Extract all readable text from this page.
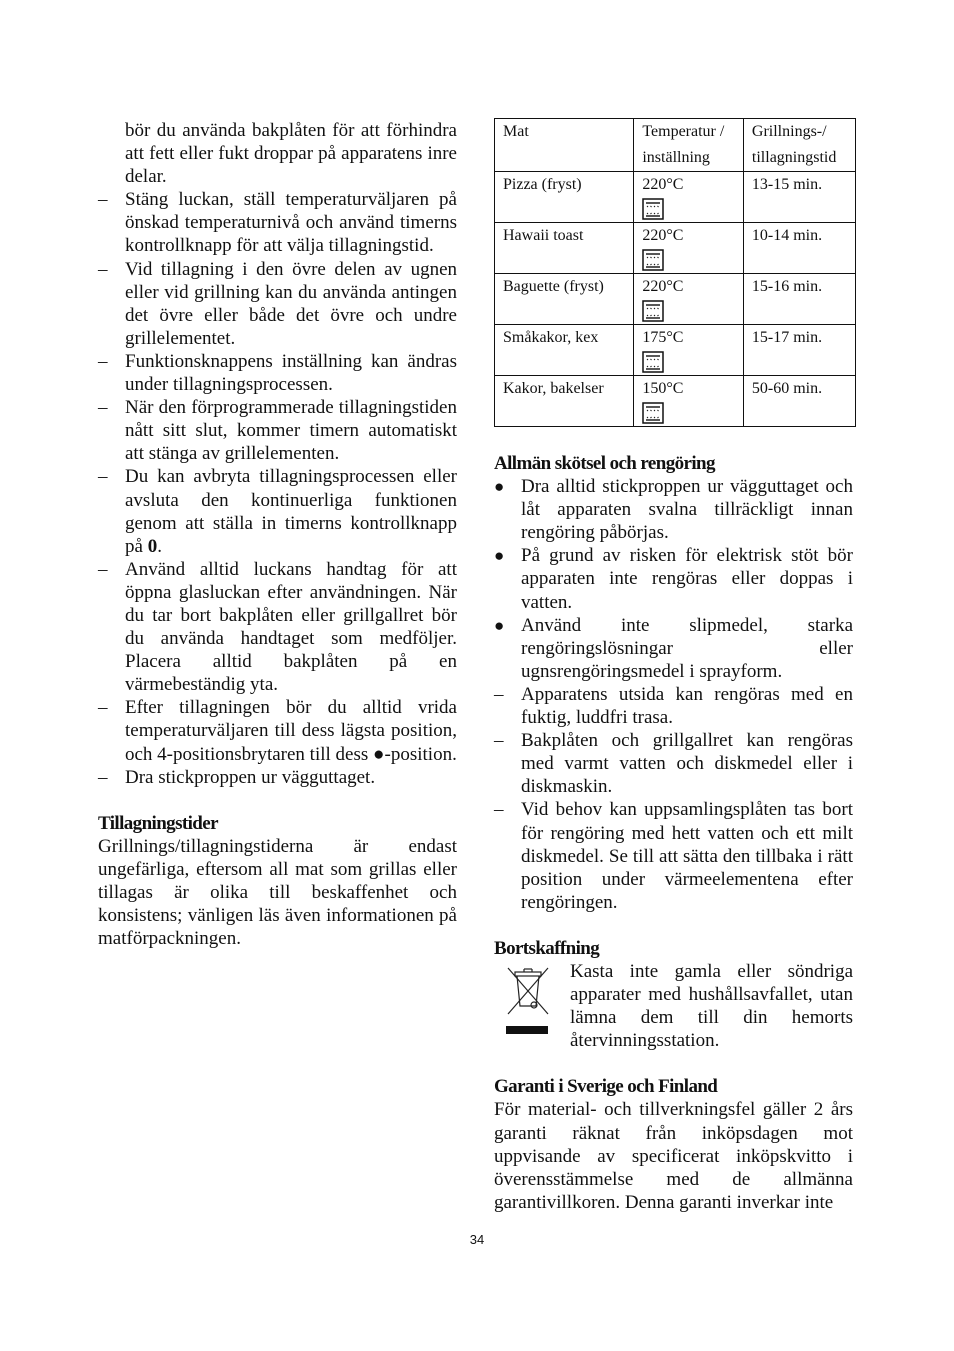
bör du använda bakplåten för att förhindra att fett eller fukt droppar på apparatens inre delar.

– Stäng luckan, ställ temperaturväljaren på önskad temperaturnivå och använd timerns kontrollknapp för att välja tillagningstid.
– Vid tillagning i den övre delen av ugnen eller vid grillning kan du använda antingen det övre eller både det övre och undre grillelementet.
– Funktionsknappens inställning kan ändras under tillagningsprocessen.
– När den förprogrammerade tillagningstiden nått sitt slut, kommer timern automatiskt att stänga av grillelementen.
– Du kan avbryta tillagningsprocessen eller avsluta den kontinuerliga funktionen genom att ställa in timerns kontrollknapp på 0.
– Använd alltid luckans handtag för att öppna glasluckan efter användningen. När du tar bort bakplåten eller grillgallret bör du använda handtaget som medföljer. Placera alltid bakplåten på en värmebeständig yta.
– Efter tillagningen bör du alltid vrida temperaturväljaren till dess lägsta position, och 4-positionsbrytaren till dess ●-position.
– Dra stickproppen ur vägguttaget.
Tillagningstider

Grillnings/tillagningstiderna är endast ungefärliga, eftersom all mat som grillas eller tillagas är olika till beskaffenhet och konsistens; vänligen läs även informationen på matförpackningen.

Mat	Temperatur / inställning	Grillnings-/ tillagningstid
Pizza (fryst)	220°C	13-15 min.
Hawaii toast	220°C	10-14 min.
Baguette (fryst)	220°C	15-16 min.
Småkakor, kex	175°C	15-17 min.
Kakor, bakelser	150°C	50-60 min.
Allmän skötsel och rengöring
● Dra alltid stickproppen ur vägguttaget och låt apparaten svalna tillräckligt innan rengöring påbörjas.
● På grund av risken för elektrisk stöt bör apparaten inte rengöras eller doppas i vatten.
● Använd inte slipmedel, starka rengöringslösningar eller ugnsrengöringsmedel i sprayform.
– Apparatens utsida kan rengöras med en fuktig, luddfri trasa.
– Bakplåten och grillgallret kan rengöras med varmt vatten och diskmedel eller i diskmaskin.
– Vid behov kan uppsamlingsplåten tas bort för rengöring med hett vatten och ett milt diskmedel. Se till att sätta den tillbaka i rätt position under värmeelementena efter rengöringen.
Bortskaffning

Kasta inte gamla eller söndriga apparater med hushållsavfallet, utan lämna dem till din hemorts återvinningsstation.

Garanti i Sverige och Finland

För material- och tillverkningsfel gäller 2 års garanti räknat från inköpsdagen mot uppvisande av specificerat inköpskvitto i överensstämmelse med de allmänna garantivillkoren. Denna garanti inverkar inte

34
